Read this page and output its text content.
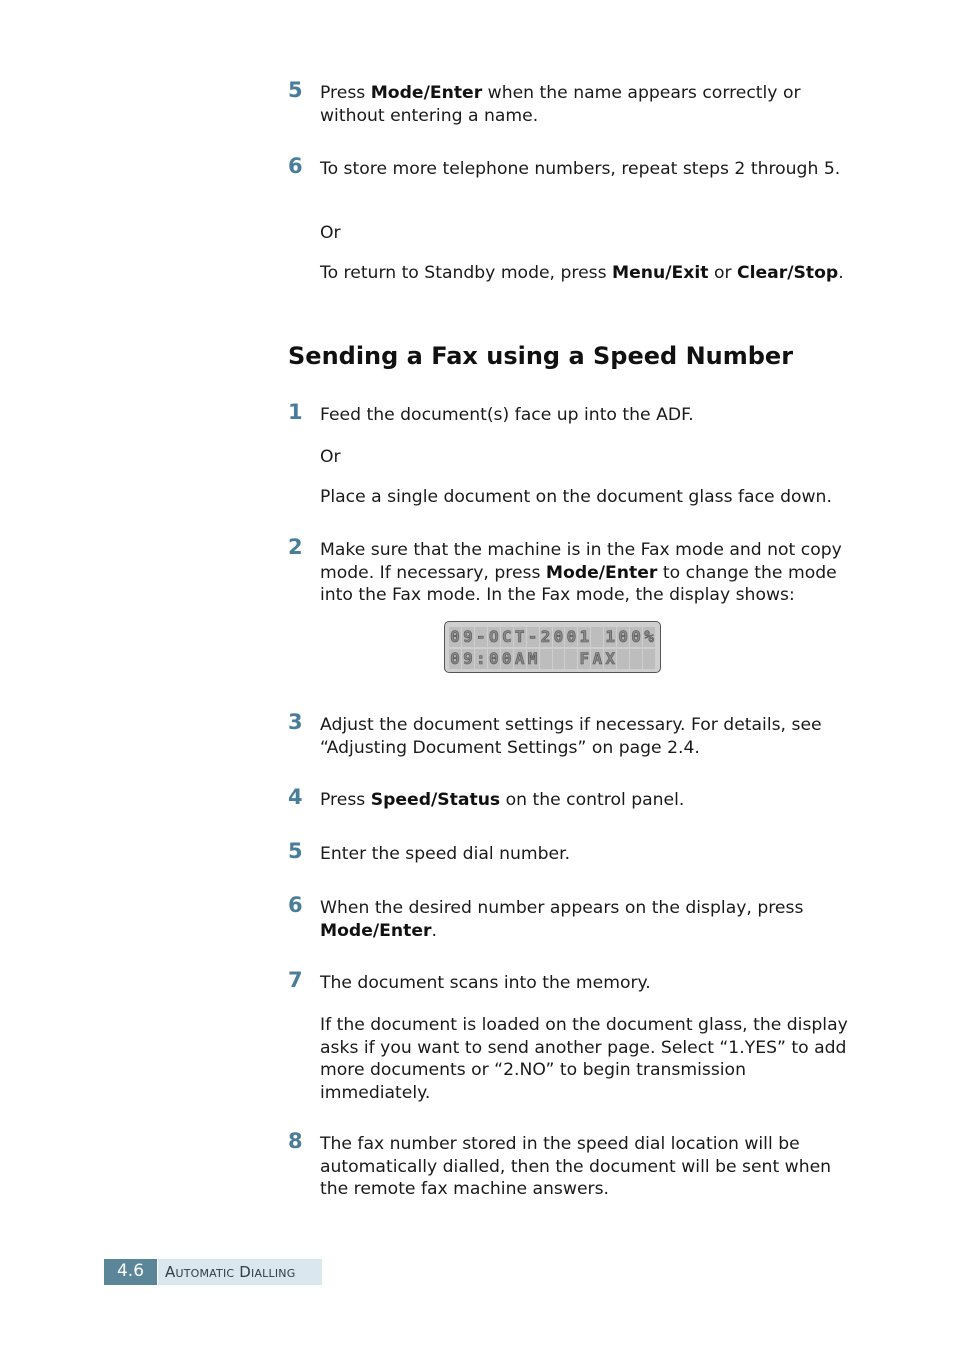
5 Press Mode/Enter when the name appears correctly or without entering a name.
6 To store more telephone numbers, repeat steps 2 through 5.
Or
To return to Standby mode, press Menu/Exit or Clear/Stop.
Sending a Fax using a Speed Number
1 Feed the document(s) face up into the ADF.
Or
Place a single document on the document glass face down.
2 Make sure that the machine is in the Fax mode and not copy mode. If necessary, press Mode/Enter to change the mode into the Fax mode. In the Fax mode, the display shows:
0 9 - O C T - 2 0 0 1
1 0 0 %
0 9 : 0 0 A M

	F A X

3 Adjust the document settings if necessary. For details, see “Adjusting Document Settings” on page 2.4.
4 Press Speed/Status on the control panel.
5 Enter the speed dial number.
6 When the desired number appears on the display, press Mode/Enter.
7 The document scans into the memory.
If the document is loaded on the document glass, the display asks if you want to send another page. Select “1.YES” to add more documents or “2.NO” to begin transmission immediately.
8 The fax number stored in the speed dial location will be automatically dialled, then the document will be sent when the remote fax machine answers.
4.6	Automatic Dialling
